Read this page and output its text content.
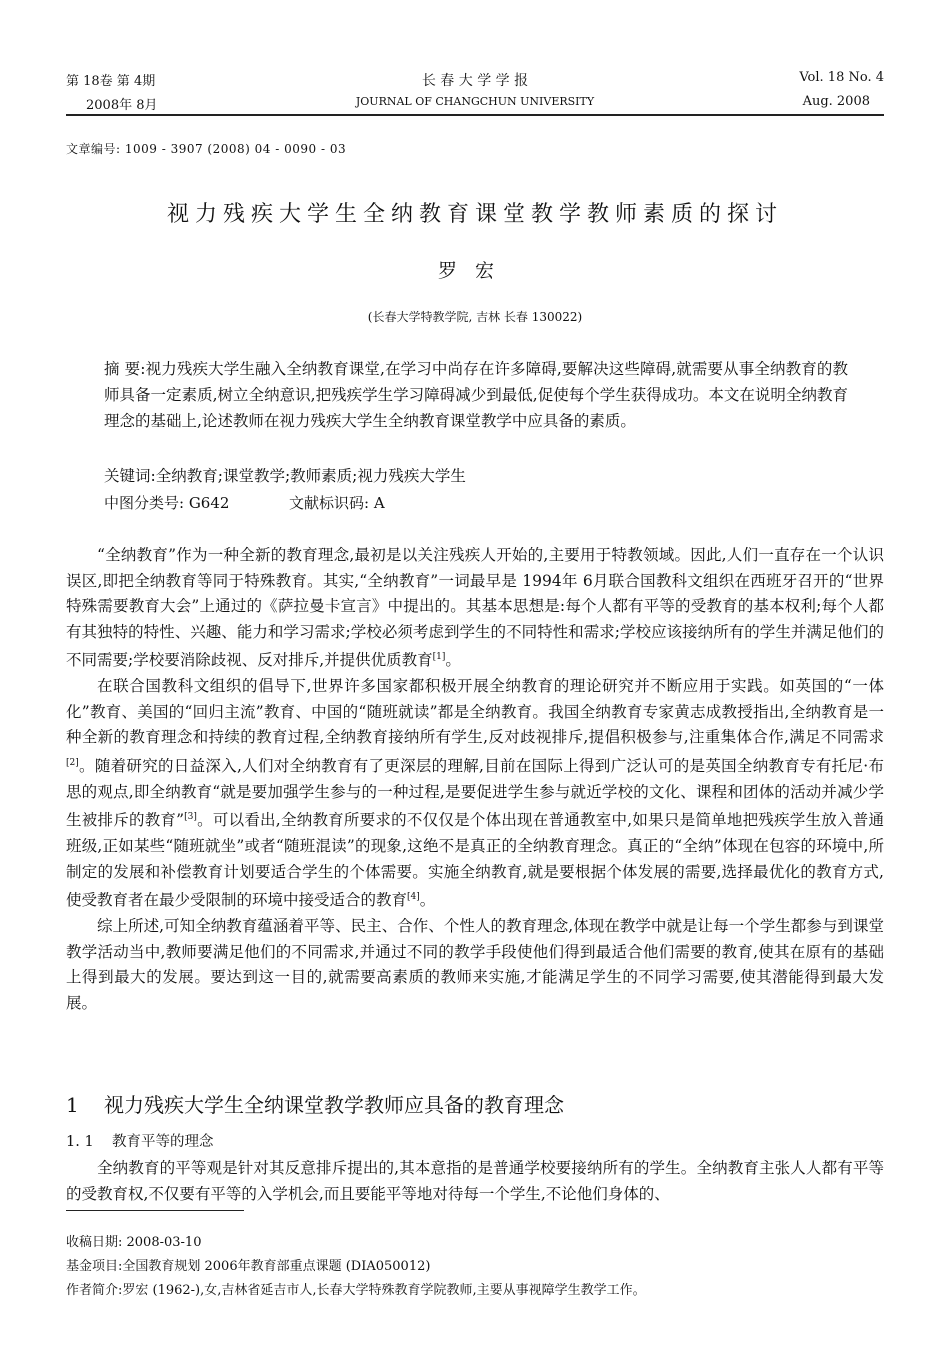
第 18卷 第 4期
2008年 8月
长 春 大 学 学 报
JOURNAL OF CHANGCHUN UNIVERSITY
Vol. 18 No. 4
Aug. 2008
文章编号: 1009 - 3907 (2008) 04 - 0090 - 03
视力残疾大学生全纳教育课堂教学教师素质的探讨
罗宏
(长春大学特教学院, 吉林 长春 130022)
摘 要:视力残疾大学生融入全纳教育课堂,在学习中尚存在许多障碍,要解决这些障碍,就需要从事全纳教育的教师具备一定素质,树立全纳意识,把残疾学生学习障碍减少到最低,促使每个学生获得成功。本文在说明全纳教育理念的基础上,论述教师在视力残疾大学生全纳教育课堂教学中应具备的素质。
关键词:全纳教育;课堂教学;教师素质;视力残疾大学生
中图分类号: G642	文献标识码: A

“全纳教育”作为一种全新的教育理念,最初是以关注残疾人开始的,主要用于特教领域。因此,人们一直存在一个认识误区,即把全纳教育等同于特殊教育。其实,“全纳教育”一词最早是 1994年 6月联合国教科文组织在西班牙召开的“世界特殊需要教育大会”上通过的《萨拉曼卡宣言》中提出的。其基本思想是:每个人都有平等的受教育的基本权利;每个人都有其独特的特性、兴趣、能力和学习需求;学校必须考虑到学生的不同特性和需求;学校应该接纳所有的学生并满足他们的不同需要;学校要消除歧视、反对排斥,并提供优质教育[1]。

在联合国教科文组织的倡导下,世界许多国家都积极开展全纳教育的理论研究并不断应用于实践。如英国的“一体化”教育、美国的“回归主流”教育、中国的“随班就读”都是全纳教育。我国全纳教育专家黄志成教授指出,全纳教育是一种全新的教育理念和持续的教育过程,全纳教育接纳所有学生,反对歧视排斥,提倡积极参与,注重集体合作,满足不同需求[2]。随着研究的日益深入,人们对全纳教育有了更深层的理解,目前在国际上得到广泛认可的是英国全纳教育专有托尼·布思的观点,即全纳教育“就是要加强学生参与的一种过程,是要促进学生参与就近学校的文化、课程和团体的活动并减少学生被排斥的教育”[3]。可以看出,全纳教育所要求的不仅仅是个体出现在普通教室中,如果只是简单地把残疾学生放入普通班级,正如某些“随班就坐”或者“随班混读”的现象,这绝不是真正的全纳教育理念。真正的“全纳”体现在包容的环境中,所制定的发展和补偿教育计划要适合学生的个体需要。实施全纳教育,就是要根据个体发展的需要,选择最优化的教育方式,使受教育者在最少受限制的环境中接受适合的教育[4]。

综上所述,可知全纳教育蕴涵着平等、民主、合作、个性人的教育理念,体现在教学中就是让每一个学生都参与到课堂教学活动当中,教师要满足他们的不同需求,并通过不同的教学手段使他们得到最适合他们需要的教育,使其在原有的基础上得到最大的发展。要达到这一目的,就需要高素质的教师来实施,才能满足学生的不同学习需要,使其潜能得到最大发展。

1 视力残疾大学生全纳课堂教学教师应具备的教育理念
1. 1 教育平等的理念

全纳教育的平等观是针对其反意排斥提出的,其本意指的是普通学校要接纳所有的学生。全纳教育主张人人都有平等的受教育权,不仅要有平等的入学机会,而且要能平等地对待每一个学生,不论他们身体的、

收稿日期: 2008-03-10
基金项目:全国教育规划 2006年教育部重点课题 (DIA050012)
作者简介:罗宏 (1962-),女,吉林省延吉市人,长春大学特殊教育学院教师,主要从事视障学生教学工作。
